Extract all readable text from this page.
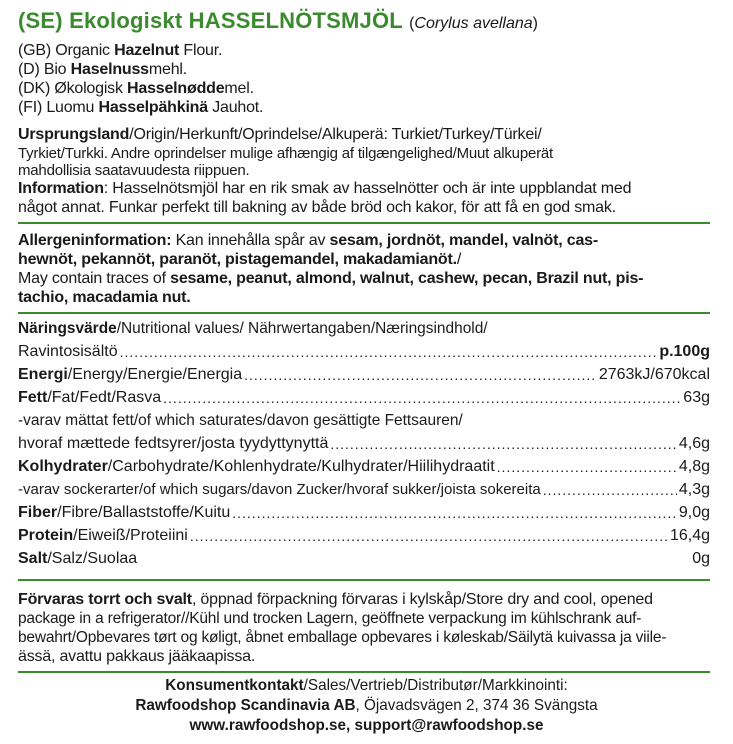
(SE) Ekologiskt HASSELNÖTSMJÖL (Corylus avellana)
(GB) Organic Hazelnut Flour.
(D) Bio Haselnussmehl.
(DK) Økologisk Hasselnøddemel.
(FI) Luomu Hasselpähkinä Jauhot.
Ursprungsland/Origin/Herkunft/Oprindelse/Alkuperä: Turkiet/Turkey/Türkei/
Tyrkiet/Turkki. Andre oprindelser mulige afhængig af tilgængelighed/Muut alkuperät
mahdollisia saatavuudesta riippuen.
Information: Hasselnötsmjöl har en rik smak av hasselnötter och är inte uppblandat med
något annat. Funkar perfekt till bakning av både bröd och kakor, för att få en god smak.
Allergeninformation: Kan innehålla spår av sesam, jordnöt, mandel, valnöt, cas-
hewnöt, pekannöt, paranöt, pistagemandel, makadamianöt./
May contain traces of sesame, peanut, almond, walnut, cashew, pecan, Brazil nut, pis-
tachio, macadamia nut.
Näringsvärde/Nutritional values/ Nährwertangaben/Næringsindhold/
Ravintosisältö .....	p.100g
Energi/Energy/Energie/Energia .....	2763kJ/670kcal
Fett/Fat/Fedt/Rasva .....	63g
-varav mättat fett/of which saturates/davon gesättigte Fettsauren/
hvoraf mættede fedtsyrer/josta tyydyttynyttä .....	4,6g
Kolhydrater/Carbohydrate/Kohlenhydrate/Kulhydrater/Hiilihydraatit .....	4,8g
-varav sockerarter/of which sugars/davon Zucker/hvoraf sukker/joista sokereita .....	4,3g
Fiber/Fibre/Ballaststoffe/Kuitu .....	9,0g
Protein/Eiweiß/Proteiini .....	16,4g
Salt/Salz/Suolaa	0g
Förvaras torrt och svalt, öppnad förpackning förvaras i kylskåp/Store dry and cool, opened
package in a refrigerator//Kühl und trocken Lagern, geöffnete verpackung im kühlschrank auf-
bewahrt/Opbevares tørt og køligt, åbnet emballage opbevares i køleskab/Säilytä kuivassa ja viile-
ässä, avattu pakkaus jääkaapissa.
Konsumentkontakt/Sales/Vertrieb/Distributør/Markkinointi:
Rawfoodshop Scandinavia AB, Öjavadsvägen 2, 374 36 Svängsta
www.rawfoodshop.se, support@rawfoodshop.se
